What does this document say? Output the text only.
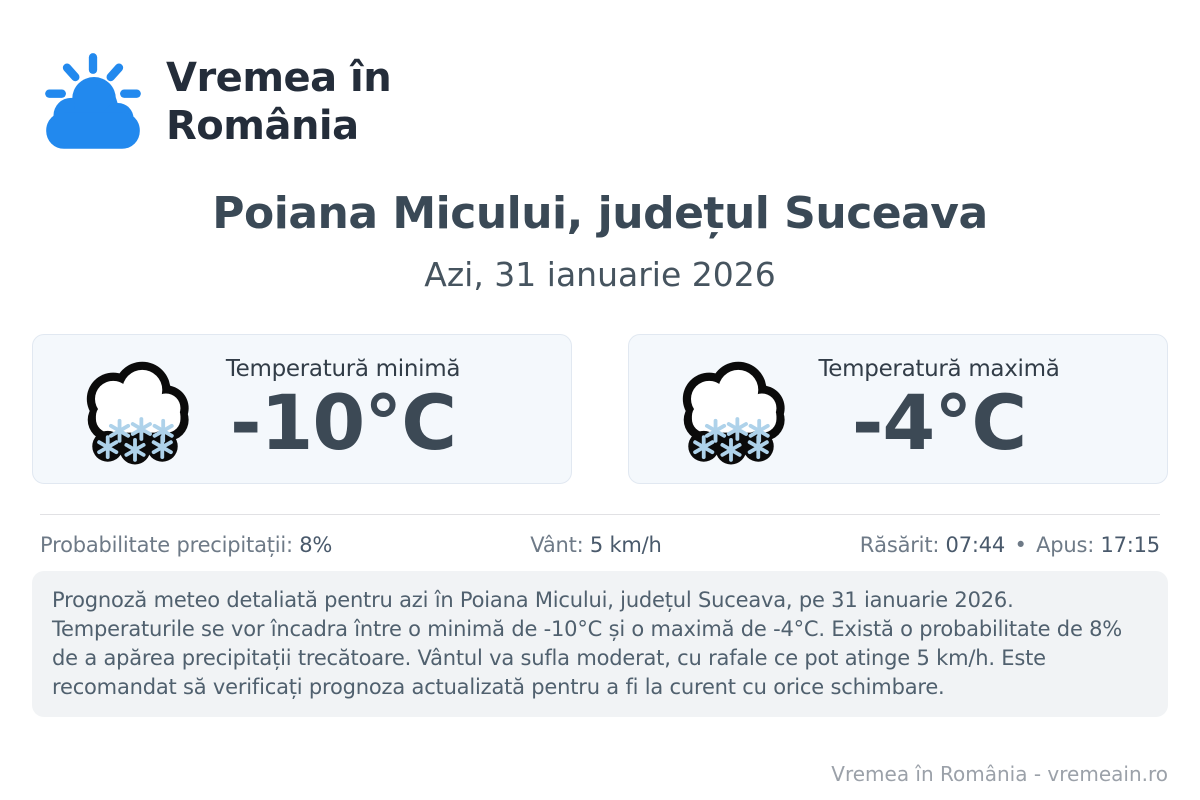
Vremea în
România
Poiana Micului, județul Suceava
Azi, 31 ianuarie 2026
Temperatură minimă
-10°C
Temperatură maximă
-4°C
Probabilitate precipitații: 8%	Vânt: 5 km/h	Răsărit: 07:44 • Apus: 17:15
Prognoză meteo detaliată pentru azi în Poiana Micului, județul Suceava, pe 31 ianuarie 2026. Temperaturile se vor încadra între o minimă de -10°C și o maximă de -4°C. Există o probabilitate de 8% de a apărea precipitații trecătoare. Vântul va sufla moderat, cu rafale ce pot atinge 5 km/h. Este recomandat să verificați prognoza actualizată pentru a fi la curent cu orice schimbare.
Vremea în România - vremeain.ro
